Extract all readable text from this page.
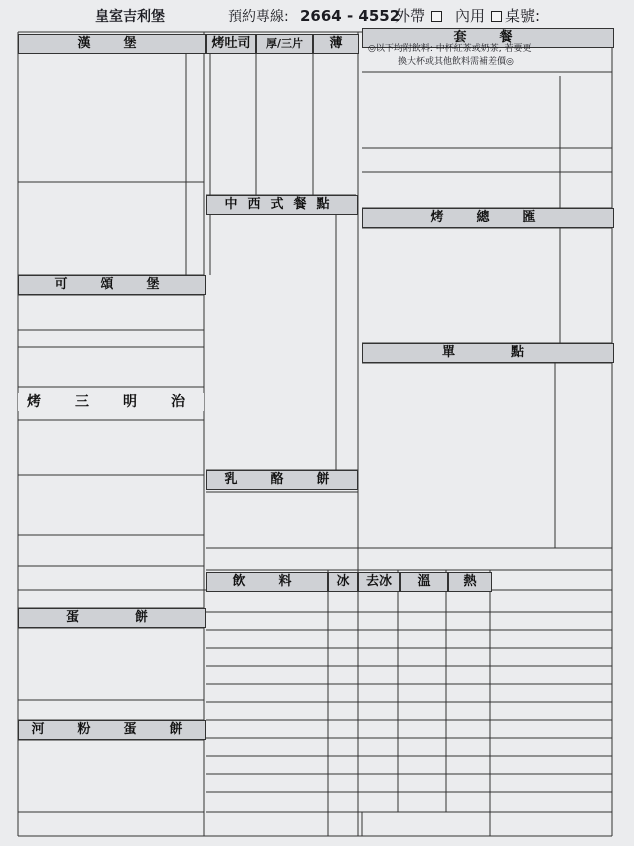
皇室吉利堡	預約專線: 2664 - 4552
外帶	內用	桌號:
漢　堡	烤吐司	厚/三片	薄	套　餐
◎以下均附飲料: 中杯紅茶或奶茶, 若要更
換大杯或其他飲料需補差價◎
中西式餐點
烤　總　匯
可　頌　堡
單　　點
烤　三　明　治
乳　酪　餅
蛋　　餅
河　粉　蛋　餅
飲　料	冰	去冰	溫	熱
